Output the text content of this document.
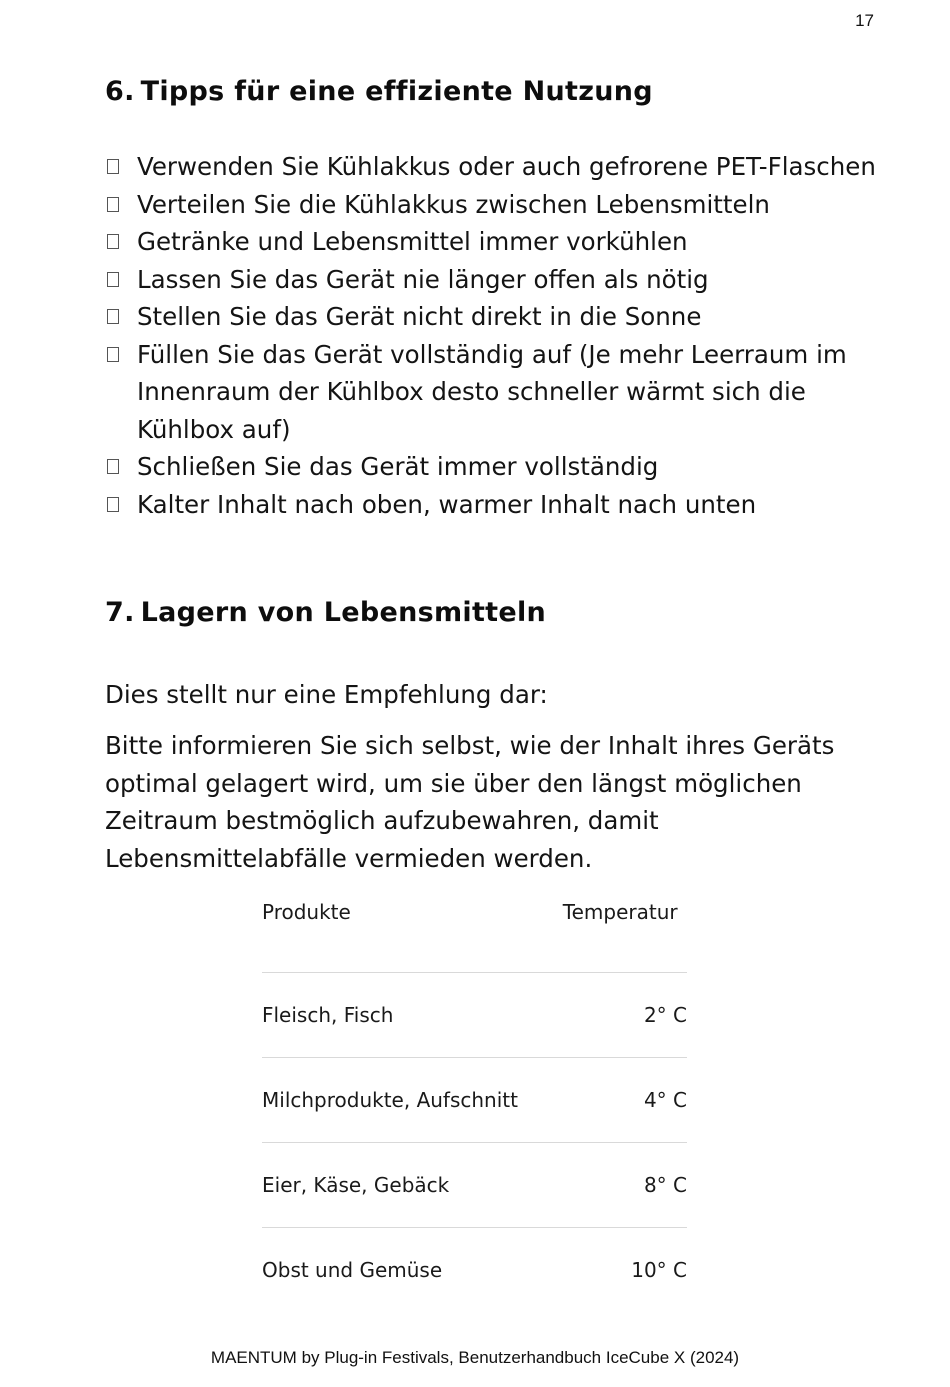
17
6. Tipps für eine effiziente Nutzung
Verwenden Sie Kühlakkus oder auch gefrorene PET-Flaschen
Verteilen Sie die Kühlakkus zwischen Lebensmitteln
Getränke und Lebensmittel immer vorkühlen
Lassen Sie das Gerät nie länger offen als nötig
Stellen Sie das Gerät nicht direkt in die Sonne
Füllen Sie das Gerät vollständig auf (Je mehr Leerraum im Innenraum der Kühlbox desto schneller wärmt sich die Kühlbox auf)
Schließen Sie das Gerät immer vollständig
Kalter Inhalt nach oben, warmer Inhalt nach unten
7. Lagern von Lebensmitteln

Dies stellt nur eine Empfehlung dar:

Bitte informieren Sie sich selbst, wie der Inhalt ihres Geräts optimal gelagert wird, um sie über den längst möglichen Zeitraum bestmöglich aufzubewahren, damit Lebensmittelabfälle vermieden werden.

Produkte	Temperatur

Fleisch, Fisch	2° C
Milchprodukte, Aufschnitt	4° C
Eier, Käse, Gebäck	8° C
Obst und Gemüse	10° C
MAENTUM by Plug-in Festivals, Benutzerhandbuch IceCube X (2024)
